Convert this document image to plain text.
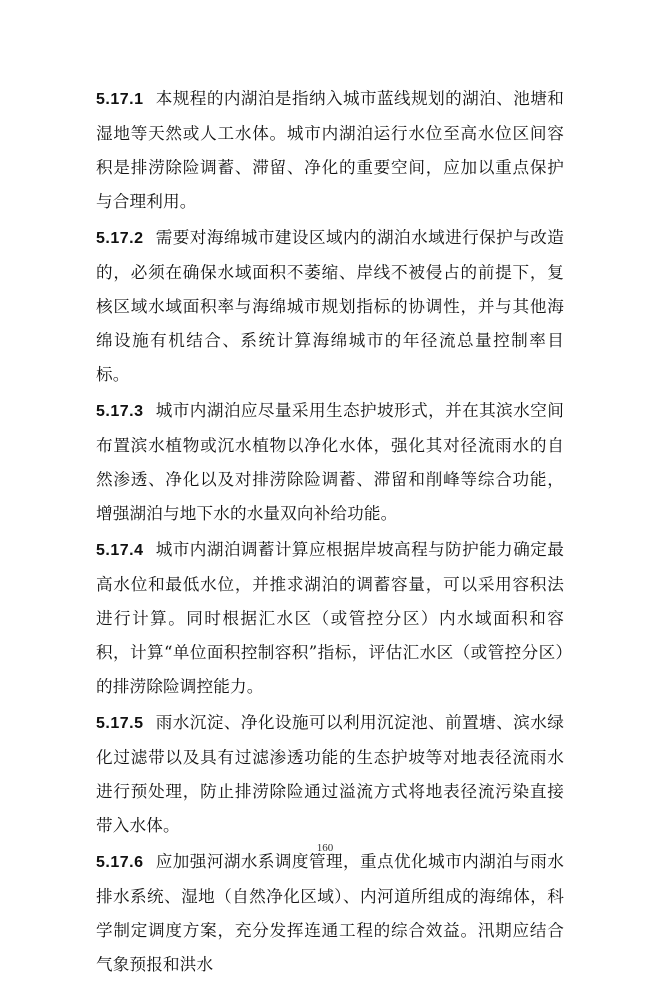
5.17.1 本规程的内湖泊是指纳入城市蓝线规划的湖泊、池塘和湿地等天然或人工水体。城市内湖泊运行水位至高水位区间容积是排涝除险调蓄、滞留、净化的重要空间，应加以重点保护与合理利用。

5.17.2 需要对海绵城市建设区域内的湖泊水域进行保护与改造的，必须在确保水域面积不萎缩、岸线不被侵占的前提下，复核区域水域面积率与海绵城市规划指标的协调性，并与其他海绵设施有机结合、系统计算海绵城市的年径流总量控制率目标。

5.17.3 城市内湖泊应尽量采用生态护坡形式，并在其滨水空间布置滨水植物或沉水植物以净化水体，强化其对径流雨水的自然渗透、净化以及对排涝除险调蓄、滞留和削峰等综合功能，增强湖泊与地下水的水量双向补给功能。

5.17.4 城市内湖泊调蓄计算应根据岸坡高程与防护能力确定最高水位和最低水位，并推求湖泊的调蓄容量，可以采用容积法进行计算。同时根据汇水区（或管控分区）内水域面积和容积，计算“单位面积控制容积”指标，评估汇水区（或管控分区）的排涝除险调控能力。

5.17.5 雨水沉淀、净化设施可以利用沉淀池、前置塘、滨水绿化过滤带以及具有过滤渗透功能的生态护坡等对地表径流雨水进行预处理，防止排涝除险通过溢流方式将地表径流污染直接带入水体。

5.17.6 应加强河湖水系调度管理，重点优化城市内湖泊与雨水排水系统、湿地（自然净化区域）、内河道所组成的海绵体，科学制定调度方案，充分发挥连通工程的综合效益。汛期应结合气象预报和洪水

160
